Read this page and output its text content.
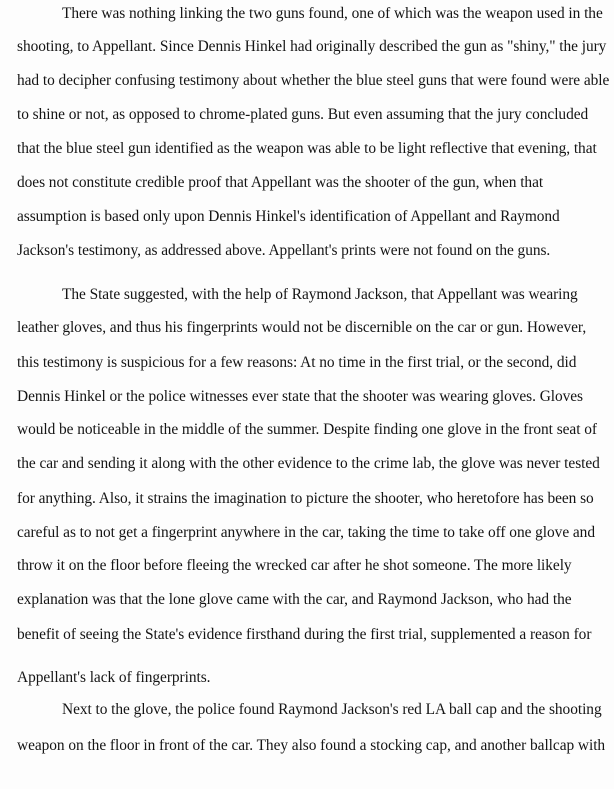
There was nothing linking the two guns found, one of which was the weapon used in the
shooting, to Appellant. Since Dennis Hinkel had originally described the gun as "shiny," the jury
had to decipher confusing testimony about whether the blue steel guns that were found were able
to shine or not, as opposed to chrome-plated guns. But even assuming that the jury concluded
that the blue steel gun identified as the weapon was able to be light reflective that evening, that
does not constitute credible proof that Appellant was the shooter of the gun, when that
assumption is based only upon Dennis Hinkel's identification of Appellant and Raymond
Jackson's testimony, as addressed above. Appellant's prints were not found on the guns.
The State suggested, with the help of Raymond Jackson, that Appellant was wearing
leather gloves, and thus his fingerprints would not be discernible on the car or gun. However,
this testimony is suspicious for a few reasons: At no time in the first trial, or the second, did
Dennis Hinkel or the police witnesses ever state that the shooter was wearing gloves. Gloves
would be noticeable in the middle of the summer. Despite finding one glove in the front seat of
the car and sending it along with the other evidence to the crime lab, the glove was never tested
for anything. Also, it strains the imagination to picture the shooter, who heretofore has been so
careful as to not get a fingerprint anywhere in the car, taking the time to take off one glove and
throw it on the floor before fleeing the wrecked car after he shot someone. The more likely
explanation was that the lone glove came with the car, and Raymond Jackson, who had the
benefit of seeing the State's evidence firsthand during the first trial, supplemented a reason for
Appellant's lack of fingerprints.
Next to the glove, the police found Raymond Jackson's red LA ball cap and the shooting
weapon on the floor in front of the car. They also found a stocking cap, and another ballcap with
